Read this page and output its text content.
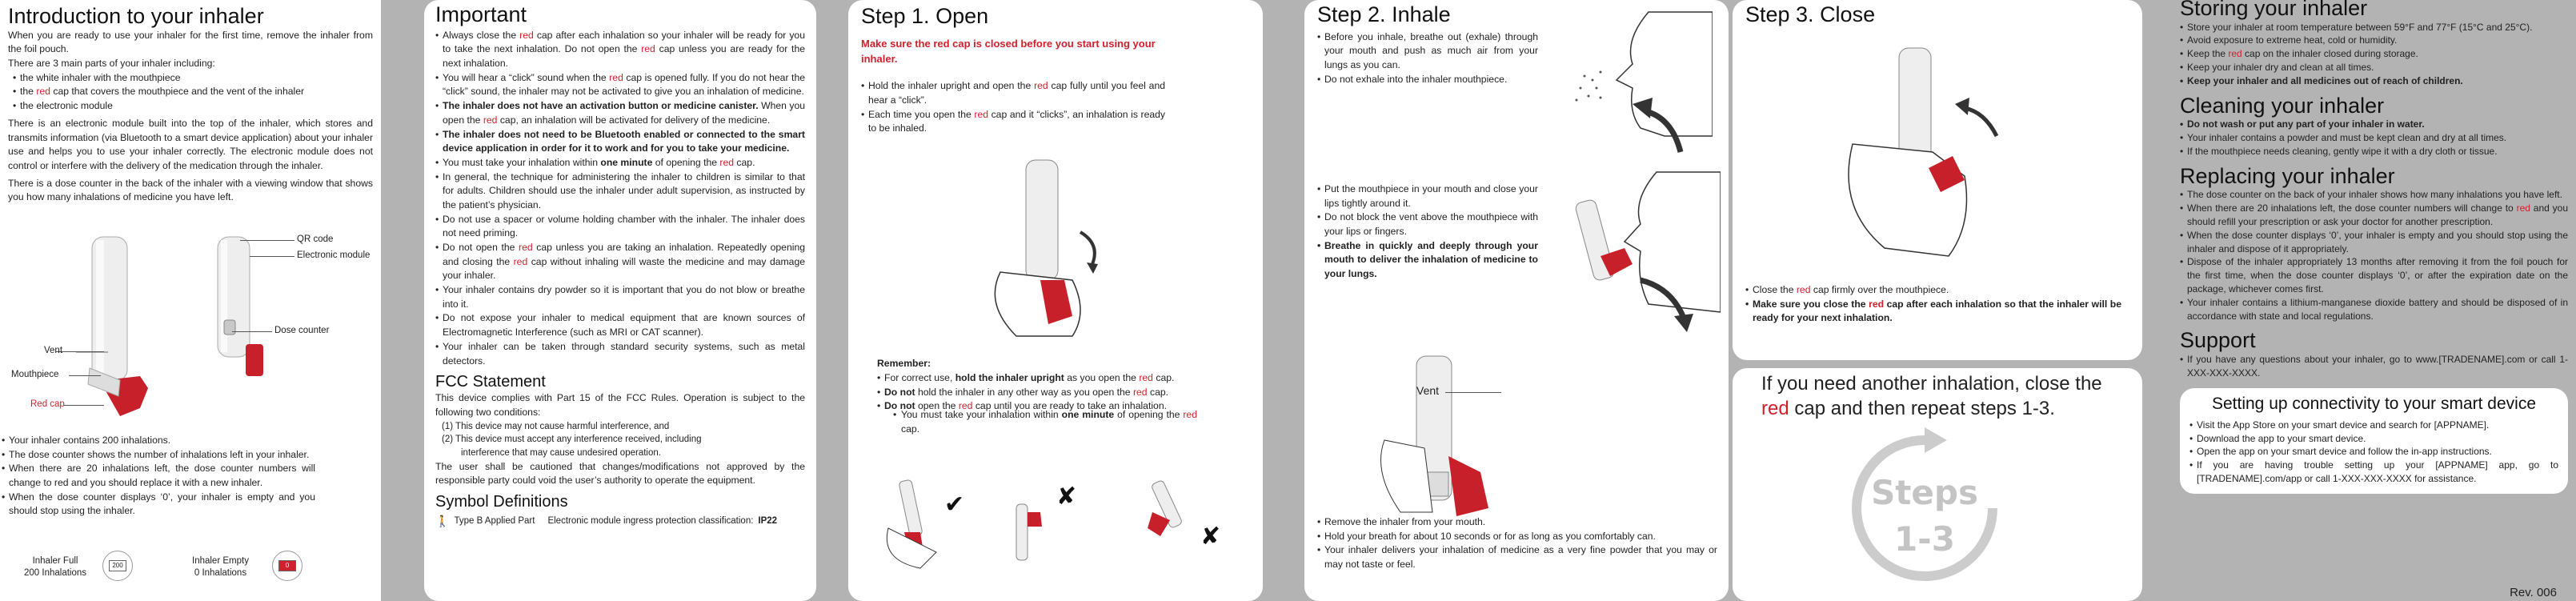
Introduction to your inhaler

When you are ready to use your inhaler for the first time, remove the inhaler from the foil pouch.

There are 3 main parts of your inhaler including:

• the white inhaler with the mouthpiece
• the red cap that covers the mouthpiece and the vent of the inhaler
• the electronic module

There is an electronic module built into the top of the inhaler, which stores and transmits information (via Bluetooth to a smart device application) about your inhaler use and helps you to use your inhaler correctly. The electronic module does not control or interfere with the delivery of the medication through the inhaler.

There is a dose counter in the back of the inhaler with a viewing window that shows you how many inhalations of medicine you have left.

Vent
Mouthpiece
Red cap
QR code
Electronic module
Dose counter
• Your inhaler contains 200 inhalations.
• The dose counter shows the number of inhalations left in your inhaler.
• When there are 20 inhalations left, the dose counter numbers will change to red and you should replace it with a new inhaler.
• When the dose counter displays ‘0’, your inhaler is empty and you should stop using the inhaler.
Inhaler Full
200 Inhalations
200	Inhaler Empty
0 Inhalations
0
Important
• Always close the red cap after each inhalation so your inhaler will be ready for you to take the next inhalation. Do not open the red cap unless you are ready for the next inhalation.
• You will hear a “click” sound when the red cap is opened fully. If you do not hear the “click” sound, the inhaler may not be activated to give you an inhalation of medicine.
• The inhaler does not have an activation button or medicine canister. When you open the red cap, an inhalation will be activated for delivery of the medicine.
• The inhaler does not need to be Bluetooth enabled or connected to the smart device application in order for it to work and for you to take your medicine.
• You must take your inhalation within one minute of opening the red cap.
• In general, the technique for administering the inhaler to children is similar to that for adults. Children should use the inhaler under adult supervision, as instructed by the patient’s physician.
• Do not use a spacer or volume holding chamber with the inhaler. The inhaler does not need priming.
• Do not open the red cap unless you are taking an inhalation. Repeatedly opening and closing the red cap without inhaling will waste the medicine and may damage your inhaler.
• Your inhaler contains dry powder so it is important that you do not blow or breathe into it.
• Do not expose your inhaler to medical equipment that are known sources of Electromagnetic Interference (such as MRI or CAT scanner).
• Your inhaler can be taken through standard security systems, such as metal detectors.
FCC Statement

This device complies with Part 15 of the FCC Rules. Operation is subject to the following two conditions:

(1) This device may not cause harmful interference, and

(2) This device must accept any interference received, including

interference that may cause undesired operation.

The user shall be cautioned that changes/modifications not approved by the responsible party could void the user’s authority to operate the equipment.

Symbol Definitions
🚶 Type B Applied Part Electronic module ingress protection classification: IP22
Step 1. Open

Make sure the red cap is closed before you start using your inhaler.

• Hold the inhaler upright and open the red cap fully until you feel and hear a “click”.
• Each time you open the red cap and it “clicks”, an inhalation is ready to be inhaled.

Remember:

• For correct use, hold the inhaler upright as you open the red cap.
• Do not hold the inhaler in any other way as you open the red cap.
• Do not open the red cap until you are ready to take an inhalation.
• You must take your inhalation within one minute of opening the red cap.
✔	✘
✘
Step 2. Inhale
• Before you inhale, breathe out (exhale) through your mouth and push as much air from your lungs as you can.
• Do not exhale into the inhaler mouthpiece.
• Put the mouthpiece in your mouth and close your lips tightly around it.
• Do not block the vent above the mouthpiece with your lips or fingers.
• Breathe in quickly and deeply through your mouth to deliver the inhalation of medicine to your lungs.
Vent
• Remove the inhaler from your mouth.
• Hold your breath for about 10 seconds or for as long as you comfortably can.
• Your inhaler delivers your inhalation of medicine as a very fine powder that you may or may not taste or feel.
Step 3. Close
• Close the red cap firmly over the mouthpiece.
• Make sure you close the red cap after each inhalation so that the inhaler will be ready for your next inhalation.

If you need another inhalation, close the red cap and then repeat steps 1-3.

Steps
1-3
Storing your inhaler
• Store your inhaler at room temperature between 59°F and 77°F (15°C and 25°C).
• Avoid exposure to extreme heat, cold or humidity.
• Keep the red cap on the inhaler closed during storage.
• Keep your inhaler dry and clean at all times.
• Keep your inhaler and all medicines out of reach of children.
Cleaning your inhaler
• Do not wash or put any part of your inhaler in water.
• Your inhaler contains a powder and must be kept clean and dry at all times.
• If the mouthpiece needs cleaning, gently wipe it with a dry cloth or tissue.
Replacing your inhaler
• The dose counter on the back of your inhaler shows how many inhalations you have left.
• When there are 20 inhalations left, the dose counter numbers will change to red and you should refill your prescription or ask your doctor for another prescription.
• When the dose counter displays ‘0’, your inhaler is empty and you should stop using the inhaler and dispose of it appropriately.
• Dispose of the inhaler appropriately 13 months after removing it from the foil pouch for the first time, when the dose counter displays ‘0’, or after the expiration date on the package, whichever comes first.
• Your inhaler contains a lithium-manganese dioxide battery and should be disposed of in accordance with state and local regulations.
Support
• If you have any questions about your inhaler, go to www.[TRADENAME].com or call 1-XXX-XXX-XXXX.
Setting up connectivity to your smart device
• Visit the App Store on your smart device and search for [APPNAME].
• Download the app to your smart device.
• Open the app on your smart device and follow the in-app instructions.
• If you are having trouble setting up your [APPNAME] app, go to [TRADENAME].com/app or call 1-XXX-XXX-XXXX for assistance.
Rev. 006
